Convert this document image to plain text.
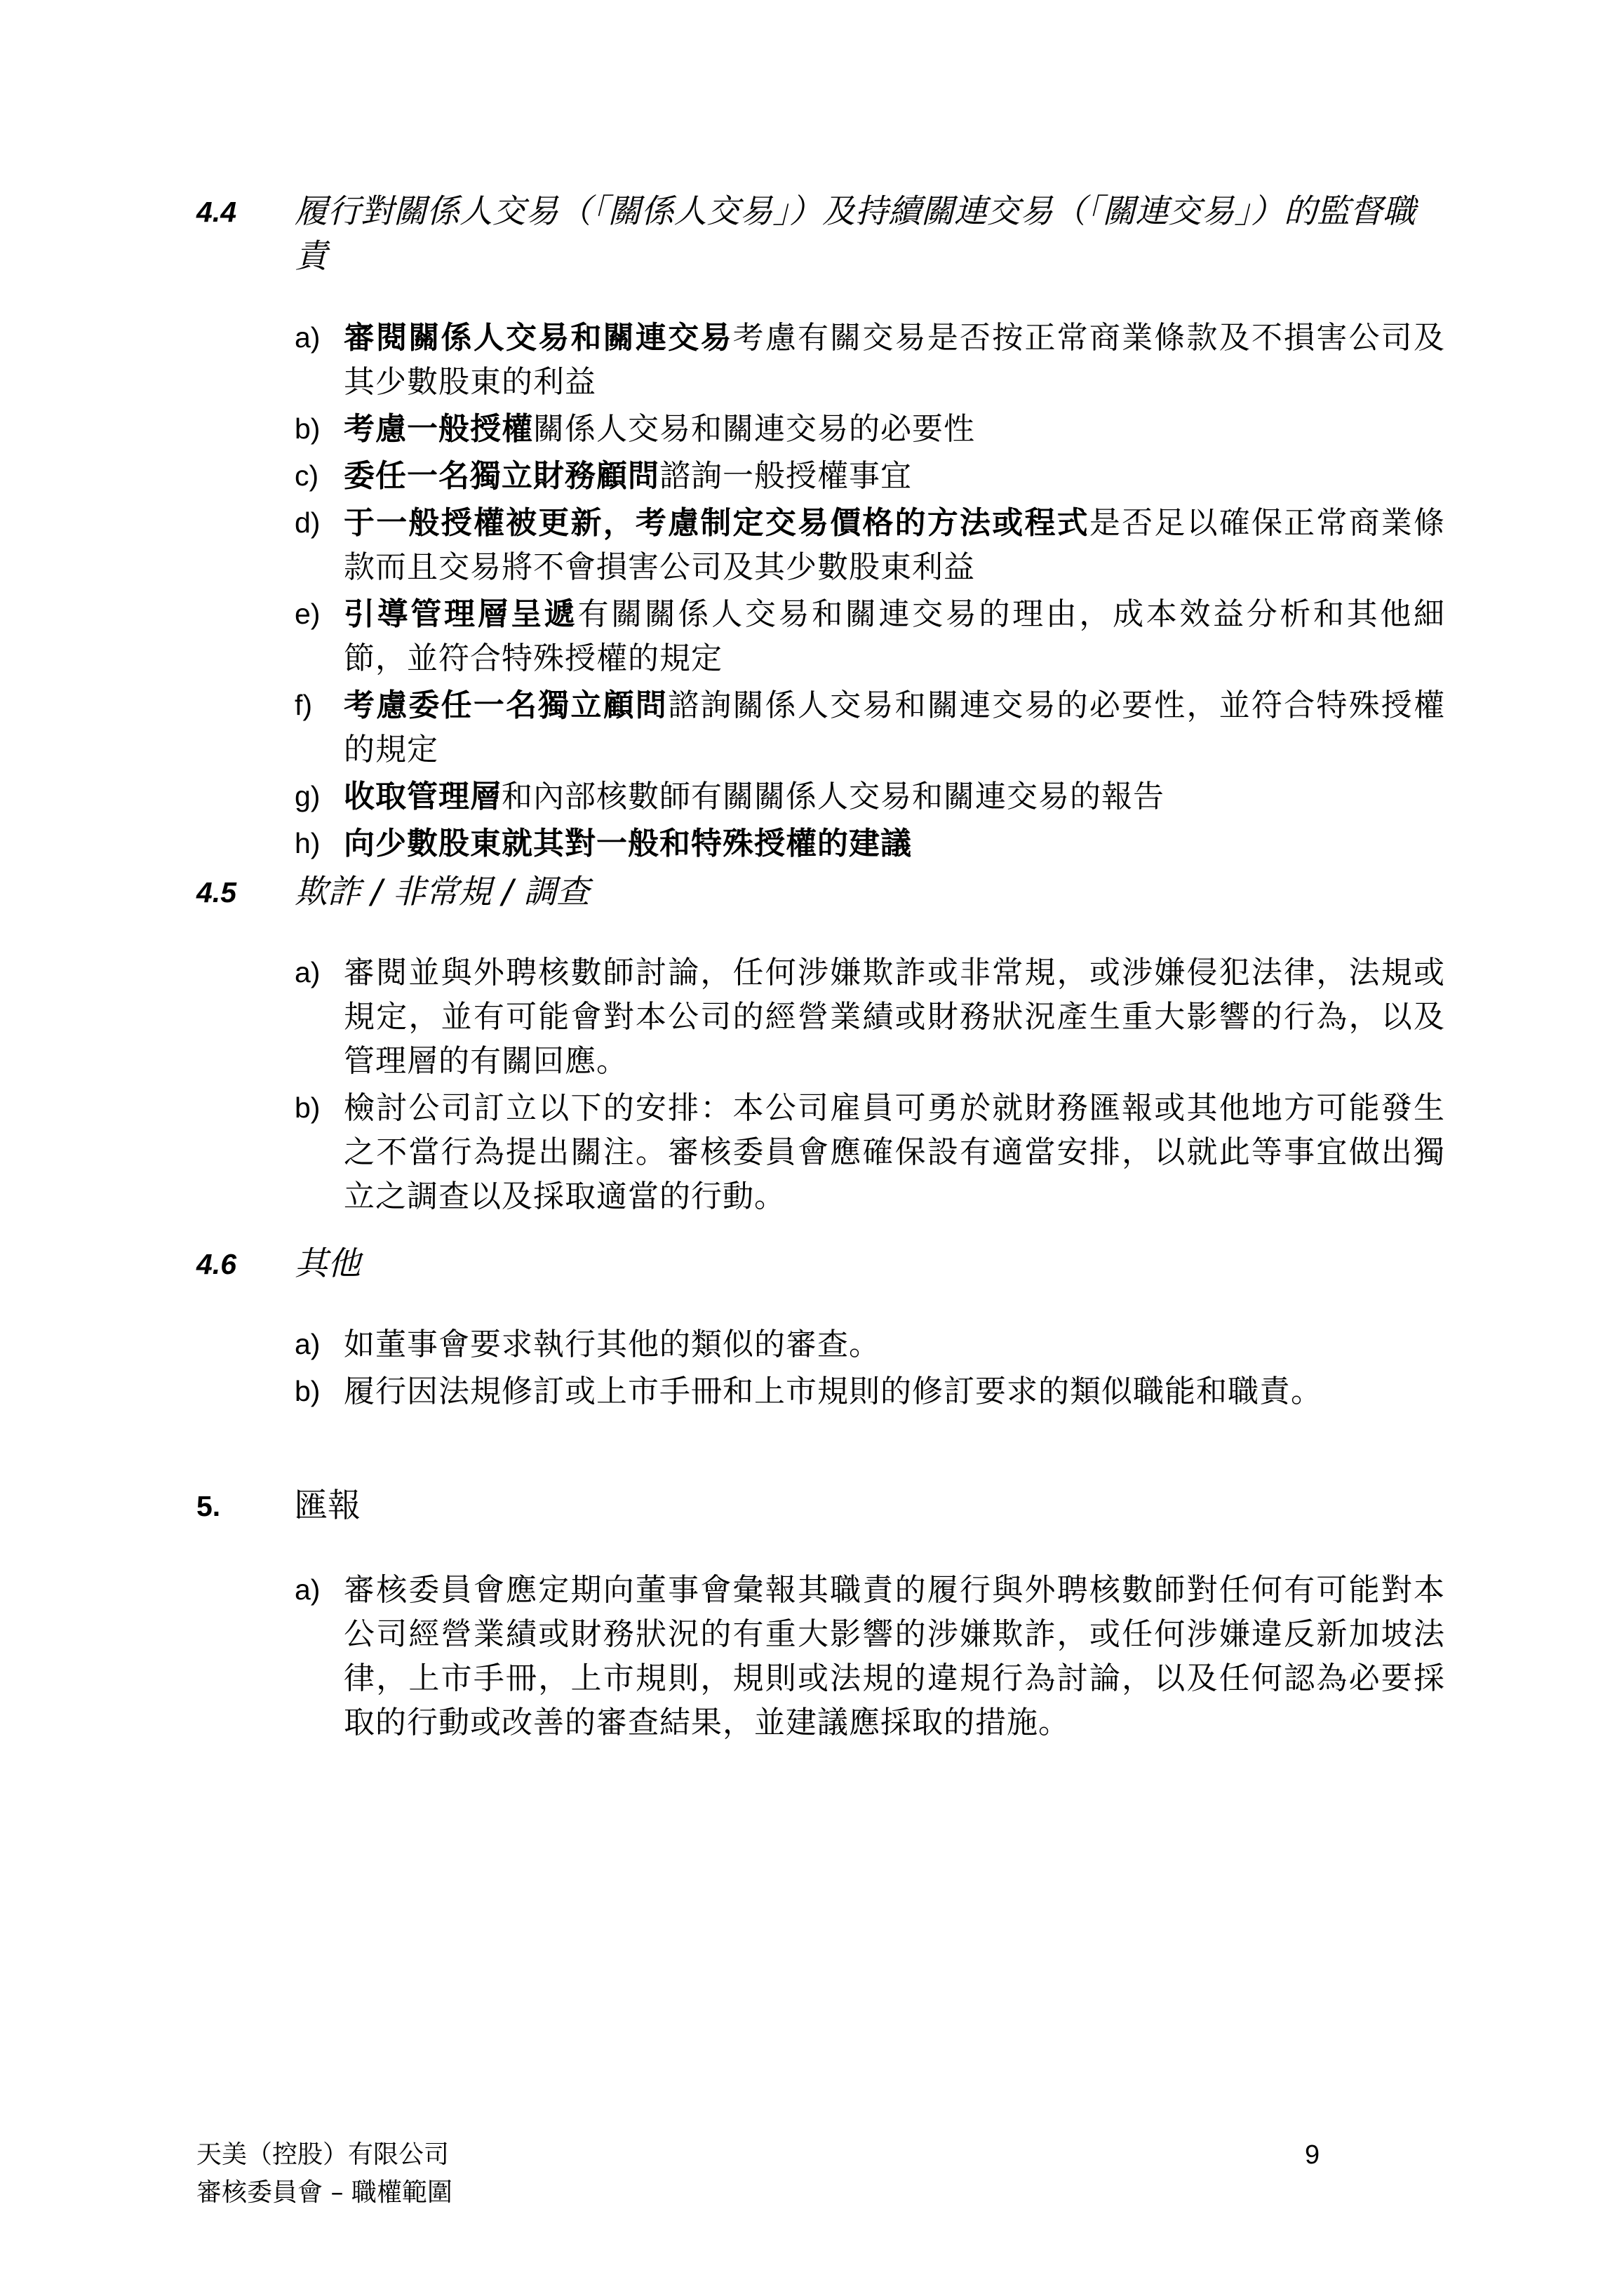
4.4	履行對關係人交易（「關係人交易」）及持續關連交易（「關連交易」）的監督職責
a) 審閱關係人交易和關連交易考慮有關交易是否按正常商業條款及不損害公司及其少數股東的利益
b) 考慮一般授權關係人交易和關連交易的必要性
c) 委任一名獨立財務顧問諮詢一般授權事宜
d) 于一般授權被更新，考慮制定交易價格的方法或程式是否足以確保正常商業條款而且交易將不會損害公司及其少數股東利益
e) 引導管理層呈遞有關關係人交易和關連交易的理由，成本效益分析和其他細節，並符合特殊授權的規定
f)	考慮委任一名獨立顧問諮詢關係人交易和關連交易的必要性，並符合特殊授權的規定
g) 收取管理層和內部核數師有關關係人交易和關連交易的報告
h) 向少數股東就其對一般和特殊授權的建議
4.5	欺詐 / 非常規 / 調查
a) 審閱並與外聘核數師討論，任何涉嫌欺詐或非常規，或涉嫌侵犯法律，法規或規定，並有可能會對本公司的經營業績或財務狀況產生重大影響的行為，以及管理層的有關回應。
b) 檢討公司訂立以下的安排：本公司雇員可勇於就財務匯報或其他地方可能發生之不當行為提出關注。審核委員會應確保設有適當安排，以就此等事宜做出獨立之調查以及採取適當的行動。
4.6	其他
a) 如董事會要求執行其他的類似的審查。
b) 履行因法規修訂或上市手冊和上市規則的修訂要求的類似職能和職責。
5.	匯報
a) 審核委員會應定期向董事會彙報其職責的履行與外聘核數師對任何有可能對本公司經營業績或財務狀況的有重大影響的涉嫌欺詐，或任何涉嫌違反新加坡法律，上市手冊，上市規則，規則或法規的違規行為討論，以及任何認為必要採取的行動或改善的審查結果，並建議應採取的措施。
天美（控股）有限公司
審核委員會 – 職權範圍
9
